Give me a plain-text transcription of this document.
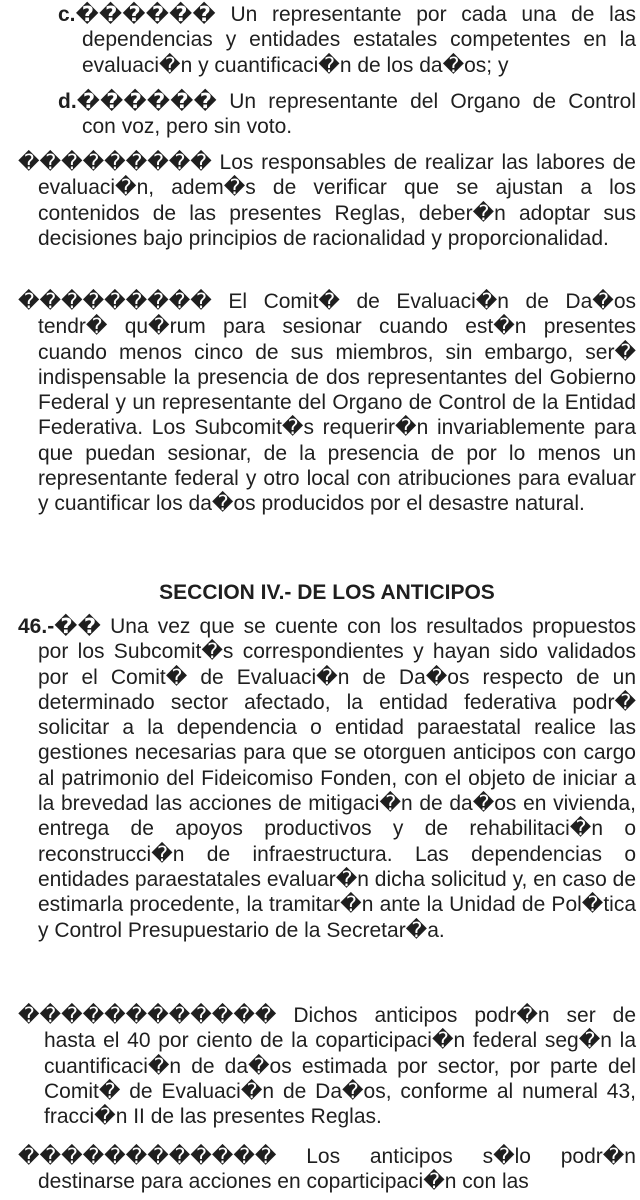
c.������ Un representante por cada una de las dependencias y entidades estatales competentes en la evaluaci�n y cuantificaci�n de los da�os; y

d.������ Un representante del Organo de Control con voz, pero sin voto.

��������� Los responsables de realizar las labores de evaluaci�n, adem�s de verificar que se ajustan a los contenidos de las presentes Reglas, deber�n adoptar sus decisiones bajo principios de racionalidad y proporcionalidad.

��������� El Comit� de Evaluaci�n de Da�os tendr� qu�rum para sesionar cuando est�n presentes cuando menos cinco de sus miembros, sin embargo, ser� indispensable la presencia de dos representantes del Gobierno Federal y un representante del Organo de Control de la Entidad Federativa. Los Subcomit�s requerir�n invariablemente para que puedan sesionar, de la presencia de por lo menos un representante federal y otro local con atribuciones para evaluar y cuantificar los da�os producidos por el desastre natural.

SECCION IV.- DE LOS ANTICIPOS

46.-�� Una vez que se cuente con los resultados propuestos por los Subcomit�s correspondientes y hayan sido validados por el Comit� de Evaluaci�n de Da�os respecto de un determinado sector afectado, la entidad federativa podr� solicitar a la dependencia o entidad paraestatal realice las gestiones necesarias para que se otorguen anticipos con cargo al patrimonio del Fideicomiso Fonden, con el objeto de iniciar a la brevedad las acciones de mitigaci�n de da�os en vivienda, entrega de apoyos productivos y de rehabilitaci�n o reconstrucci�n de infraestructura. Las dependencias o entidades paraestatales evaluar�n dicha solicitud y, en caso de estimarla procedente, la tramitar�n ante la Unidad de Pol�tica y Control Presupuestario de la Secretar�a.

������������ Dichos anticipos podr�n ser de hasta el 40 por ciento de la coparticipaci�n federal seg�n la cuantificaci�n de da�os estimada por sector, por parte del Comit� de Evaluaci�n de Da�os, conforme al numeral 43, fracci�n II de las presentes Reglas.

������������ Los anticipos s�lo podr�n destinarse para acciones en coparticipaci�n con las
